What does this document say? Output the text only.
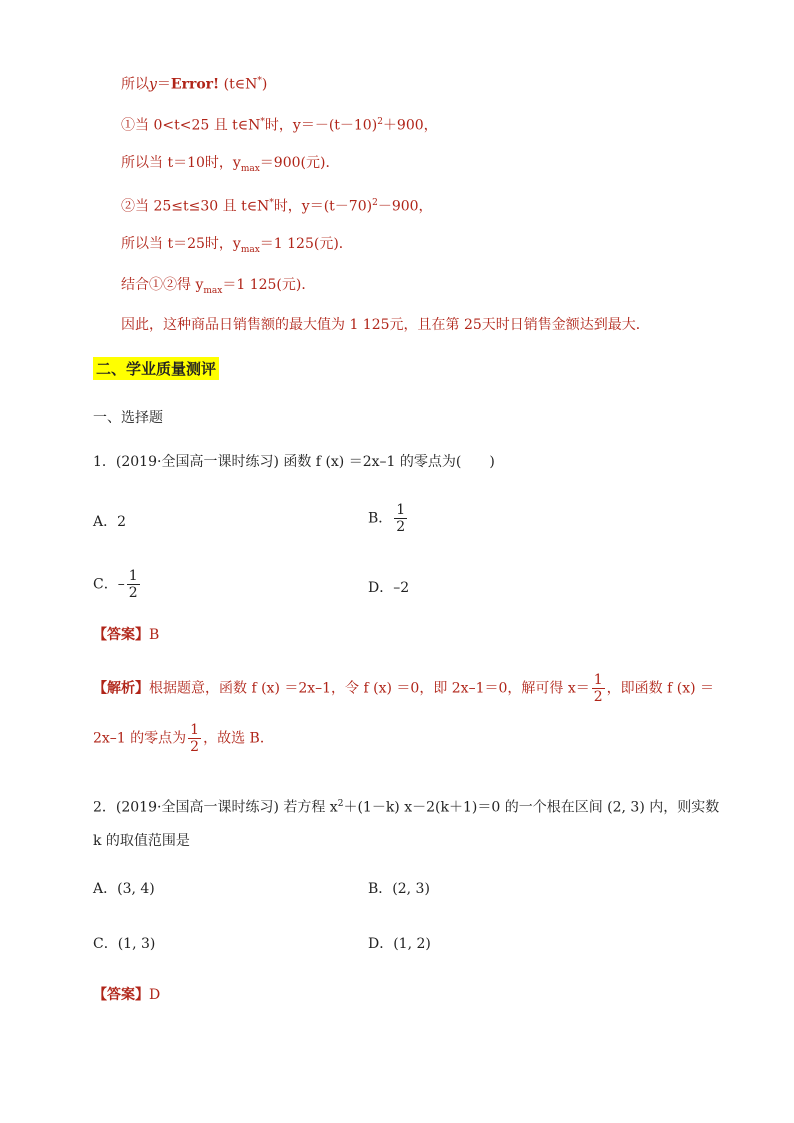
所以y＝Error! (t∈N*)
①当 0<t<25 且 t∈N*时，$y=-(t-10)^2+900$，
所以当 t＝10时，$y_{max}=900$(元)．
②当 25≤t≤30 且 t∈N*时，$y=(t-70)^2-900$，
所以当 t＝25时，$y_{max}=1$ 125(元)．
结合①②得 $y_{max}=1$ 125(元)．
因此，这种商品日销售额的最大值为 1 125元，且在第 25天时日销售金额达到最大．
二、学业质量测评
一、选择题
1．(2019·全国高一课时练习) 函数 f (x) ＝2x–1 的零点为(　　)
A．2	B． $\frac{1}{2}$
C．– $\frac{1}{2}$	D．–2
【答案】B
【解析】根据题意，函数 f (x) ＝2x–1，令 f (x) ＝0，即 2x–1＝0，解可得 $x= \frac{1}{2}$ ，即函数 f (x) ＝
2x–1 的零点为 $\frac{1}{2}$ ，故选 B．
2．(2019·全国高一课时练习) 若方程 $x^2+(1-k)$ x－2(k＋1)＝0 的一个根在区间 (2, 3) 内，则实数
k 的取值范围是
A．(3, 4)	B．(2, 3)
C．(1, 3)	D．(1, 2)
【答案】D
